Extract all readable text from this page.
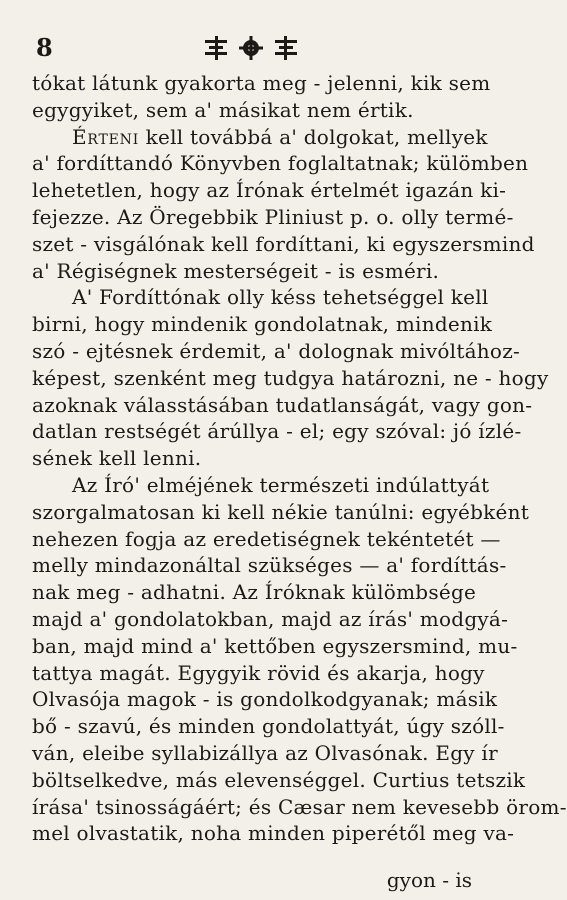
8
tókat látunk gyakorta meg - jelenni, kik sem
egygyiket, sem a' másikat nem értik.
Érteni kell továbbá a' dolgokat, mellyek
a' fordíttandó Könyvben foglaltatnak; külömben
lehetetlen, hogy az Írónak értelmét igazán ki-
fejezze. Az Öregebbik Pliniust p. o. olly termé-
szet - visgálónak kell fordíttani, ki egyszersmind
a' Régiségnek mesterségeit - is esméri.
A' Fordíttónak olly késs tehetséggel kell
birni, hogy mindenik gondolatnak, mindenik
szó - ejtésnek érdemit, a' dolognak mivóltához-
képest, szenként meg tudgya határozni, ne - hogy
azoknak válasstásában tudatlanságát, vagy gon-
datlan restségét árúllya - el; egy szóval: jó ízlé-
sének kell lenni.
Az Író' elméjének természeti indúlattyát
szorgalmatosan ki kell nékie tanúlni: egyébként
nehezen fogja az eredetiségnek tekéntetét —
melly mindazonáltal szükséges — a' fordíttás-
nak meg - adhatni. Az Íróknak külömbsége
majd a' gondolatokban, majd az írás' modgyá-
ban, majd mind a' kettőben egyszersmind, mu-
tattya magát. Egygyik rövid és akarja, hogy
Olvasója magok - is gondolkodgyanak; másik
bő - szavú, és minden gondolattyát, úgy szóll-
ván, eleibe syllabizállya az Olvasónak. Egy ír
böltselkedve, más elevenséggel. Curtius tetszik
írása' tsinosságáért; és Cæsar nem kevesebb örom-
mel olvastatik, noha minden piperétől meg va-
gyon - is
